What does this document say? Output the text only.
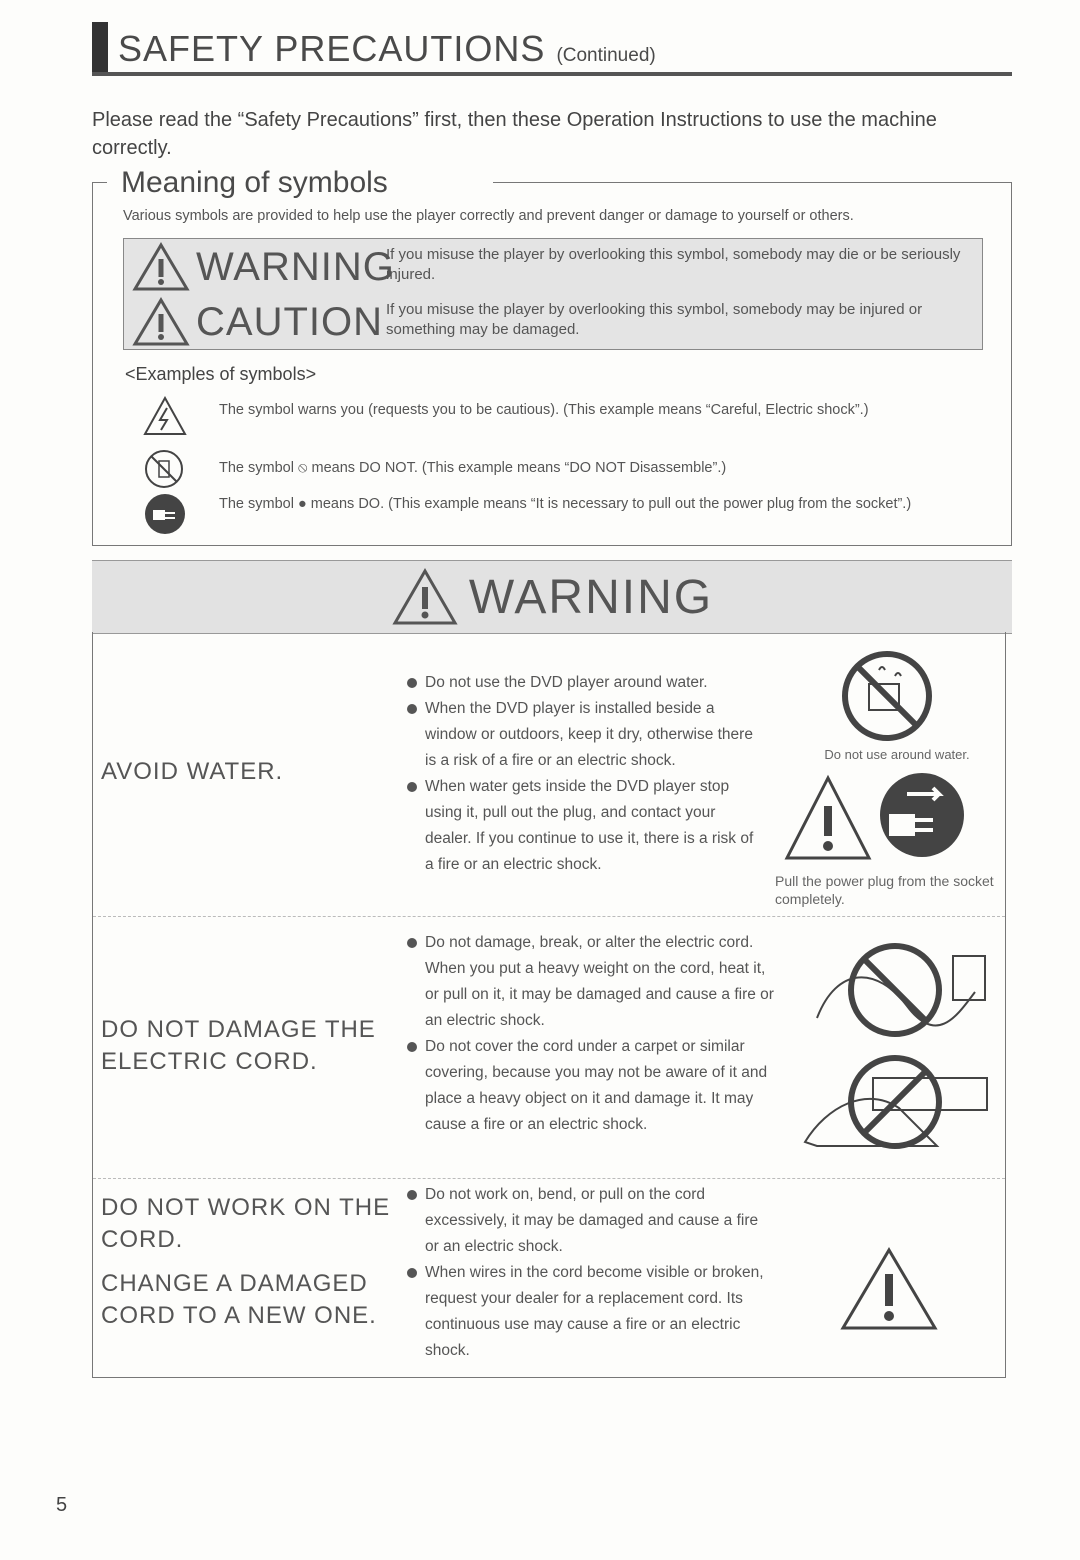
SAFETY PRECAUTIONS (Continued)
Please read the “Safety Precautions” first, then these Operation Instructions to use the machine correctly.
Meaning of symbols
Various symbols are provided to help use the player correctly and prevent danger or damage to yourself or others.
WARNING
If you misuse the player by overlooking this symbol, somebody may die or be seriously injured.
CAUTION If you misuse the player by overlooking this symbol, somebody may be injured or something may be damaged.
<Examples of symbols>
The symbol warns you (requests you to be cautious). (This example means “Careful, Electric shock”.)
The symbol ⦸ means DO NOT. (This example means “DO NOT Disassemble”.)
The symbol ● means DO. (This example means “It is necessary to pull out the power plug from the socket”.)
WARNING
AVOID WATER.
Do not use the DVD player around water.
When the DVD player is installed beside a window or outdoors, keep it dry, otherwise there is a risk of a fire or an electric shock.
When water gets inside the DVD player stop using it, pull out the plug, and contact your dealer. If you continue to use it, there is a risk of a fire or an electric shock.
Do not use around water.
Pull the power plug from the socket completely.
DO NOT DAMAGE THE
ELECTRIC CORD.
Do not damage, break, or alter the electric cord. When you put a heavy weight on the cord, heat it, or pull on it, it may be damaged and cause a fire or an electric shock.
Do not cover the cord under a carpet or similar covering, because you may not be aware of it and place a heavy object on it and damage it. It may cause a fire or an electric shock.
DO NOT WORK ON THE
CORD.
CHANGE A DAMAGED
CORD TO A NEW ONE.
Do not work on, bend, or pull on the cord excessively, it may be damaged and cause a fire or an electric shock.
When wires in the cord become visible or broken, request your dealer for a replacement cord. Its continuous use may cause a fire or an electric shock.
5
